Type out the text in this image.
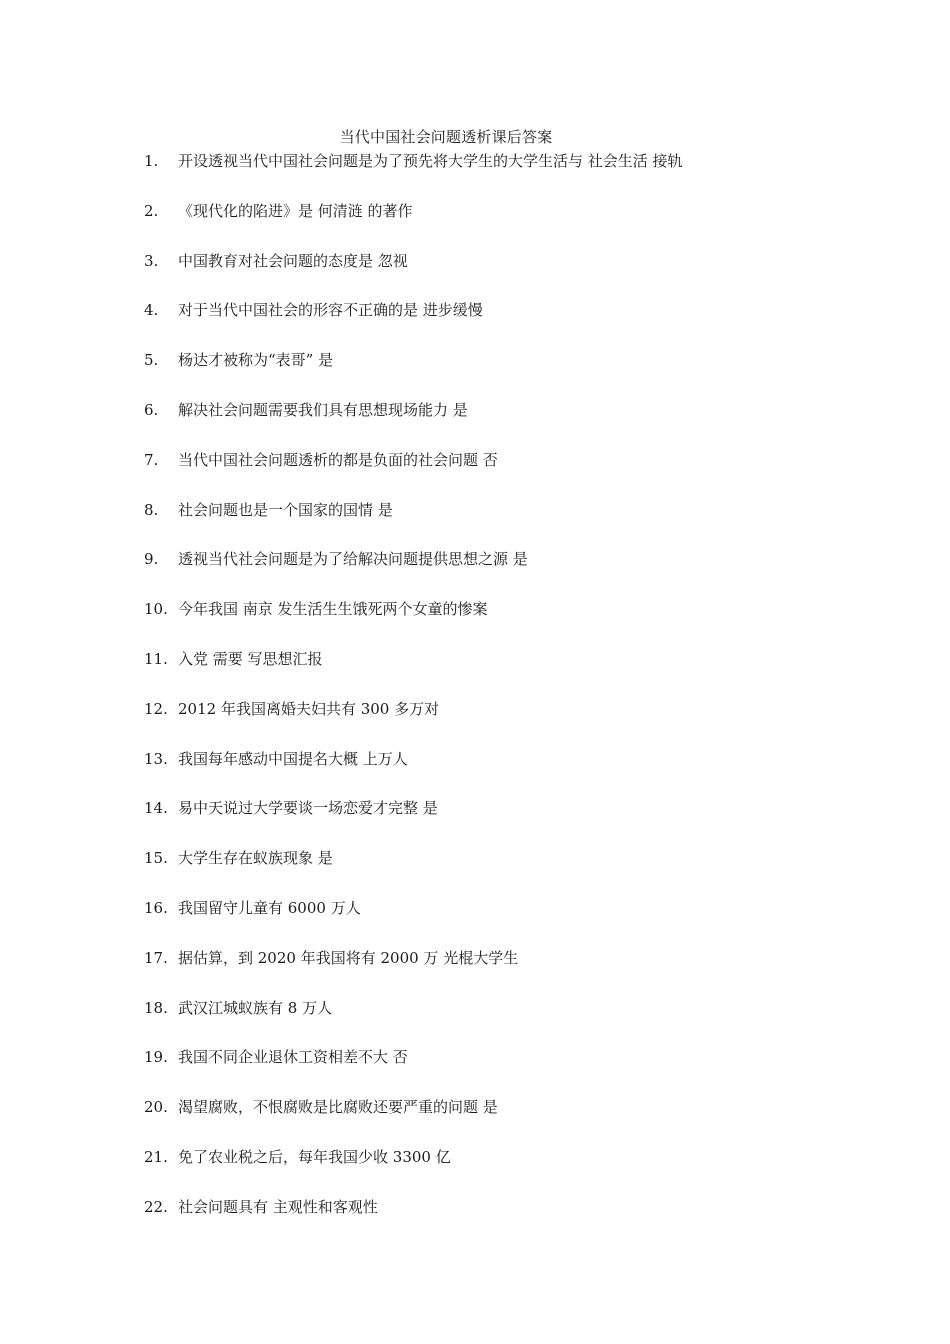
当代中国社会问题透析课后答案
1.	开设透视当代中国社会问题是为了预先将大学生的大学生活与 社会生活 接轨
2.	《现代化的陷进》是 何清涟 的著作
3.	中国教育对社会问题的态度是 忽视
4.	对于当代中国社会的形容不正确的是 进步缓慢
5.	杨达才被称为“表哥” 是
6.	解决社会问题需要我们具有思想现场能力 是
7.	当代中国社会问题透析的都是负面的社会问题 否
8.	社会问题也是一个国家的国情 是
9.	透视当代社会问题是为了给解决问题提供思想之源 是
10. 今年我国 南京 发生活生生饿死两个女童的惨案
11. 入党 需要 写思想汇报
12. 2012 年我国离婚夫妇共有 300 多万对
13. 我国每年感动中国提名大概 上万人
14. 易中天说过大学要谈一场恋爱才完整 是
15. 大学生存在蚁族现象 是
16. 我国留守儿童有 6000 万人
17. 据估算，到 2020 年我国将有 2000 万 光棍大学生
18. 武汉江城蚁族有 8 万人
19. 我国不同企业退休工资相差不大 否
20. 渴望腐败，不恨腐败是比腐败还要严重的问题 是
21. 免了农业税之后，每年我国少收 3300 亿
22. 社会问题具有 主观性和客观性
